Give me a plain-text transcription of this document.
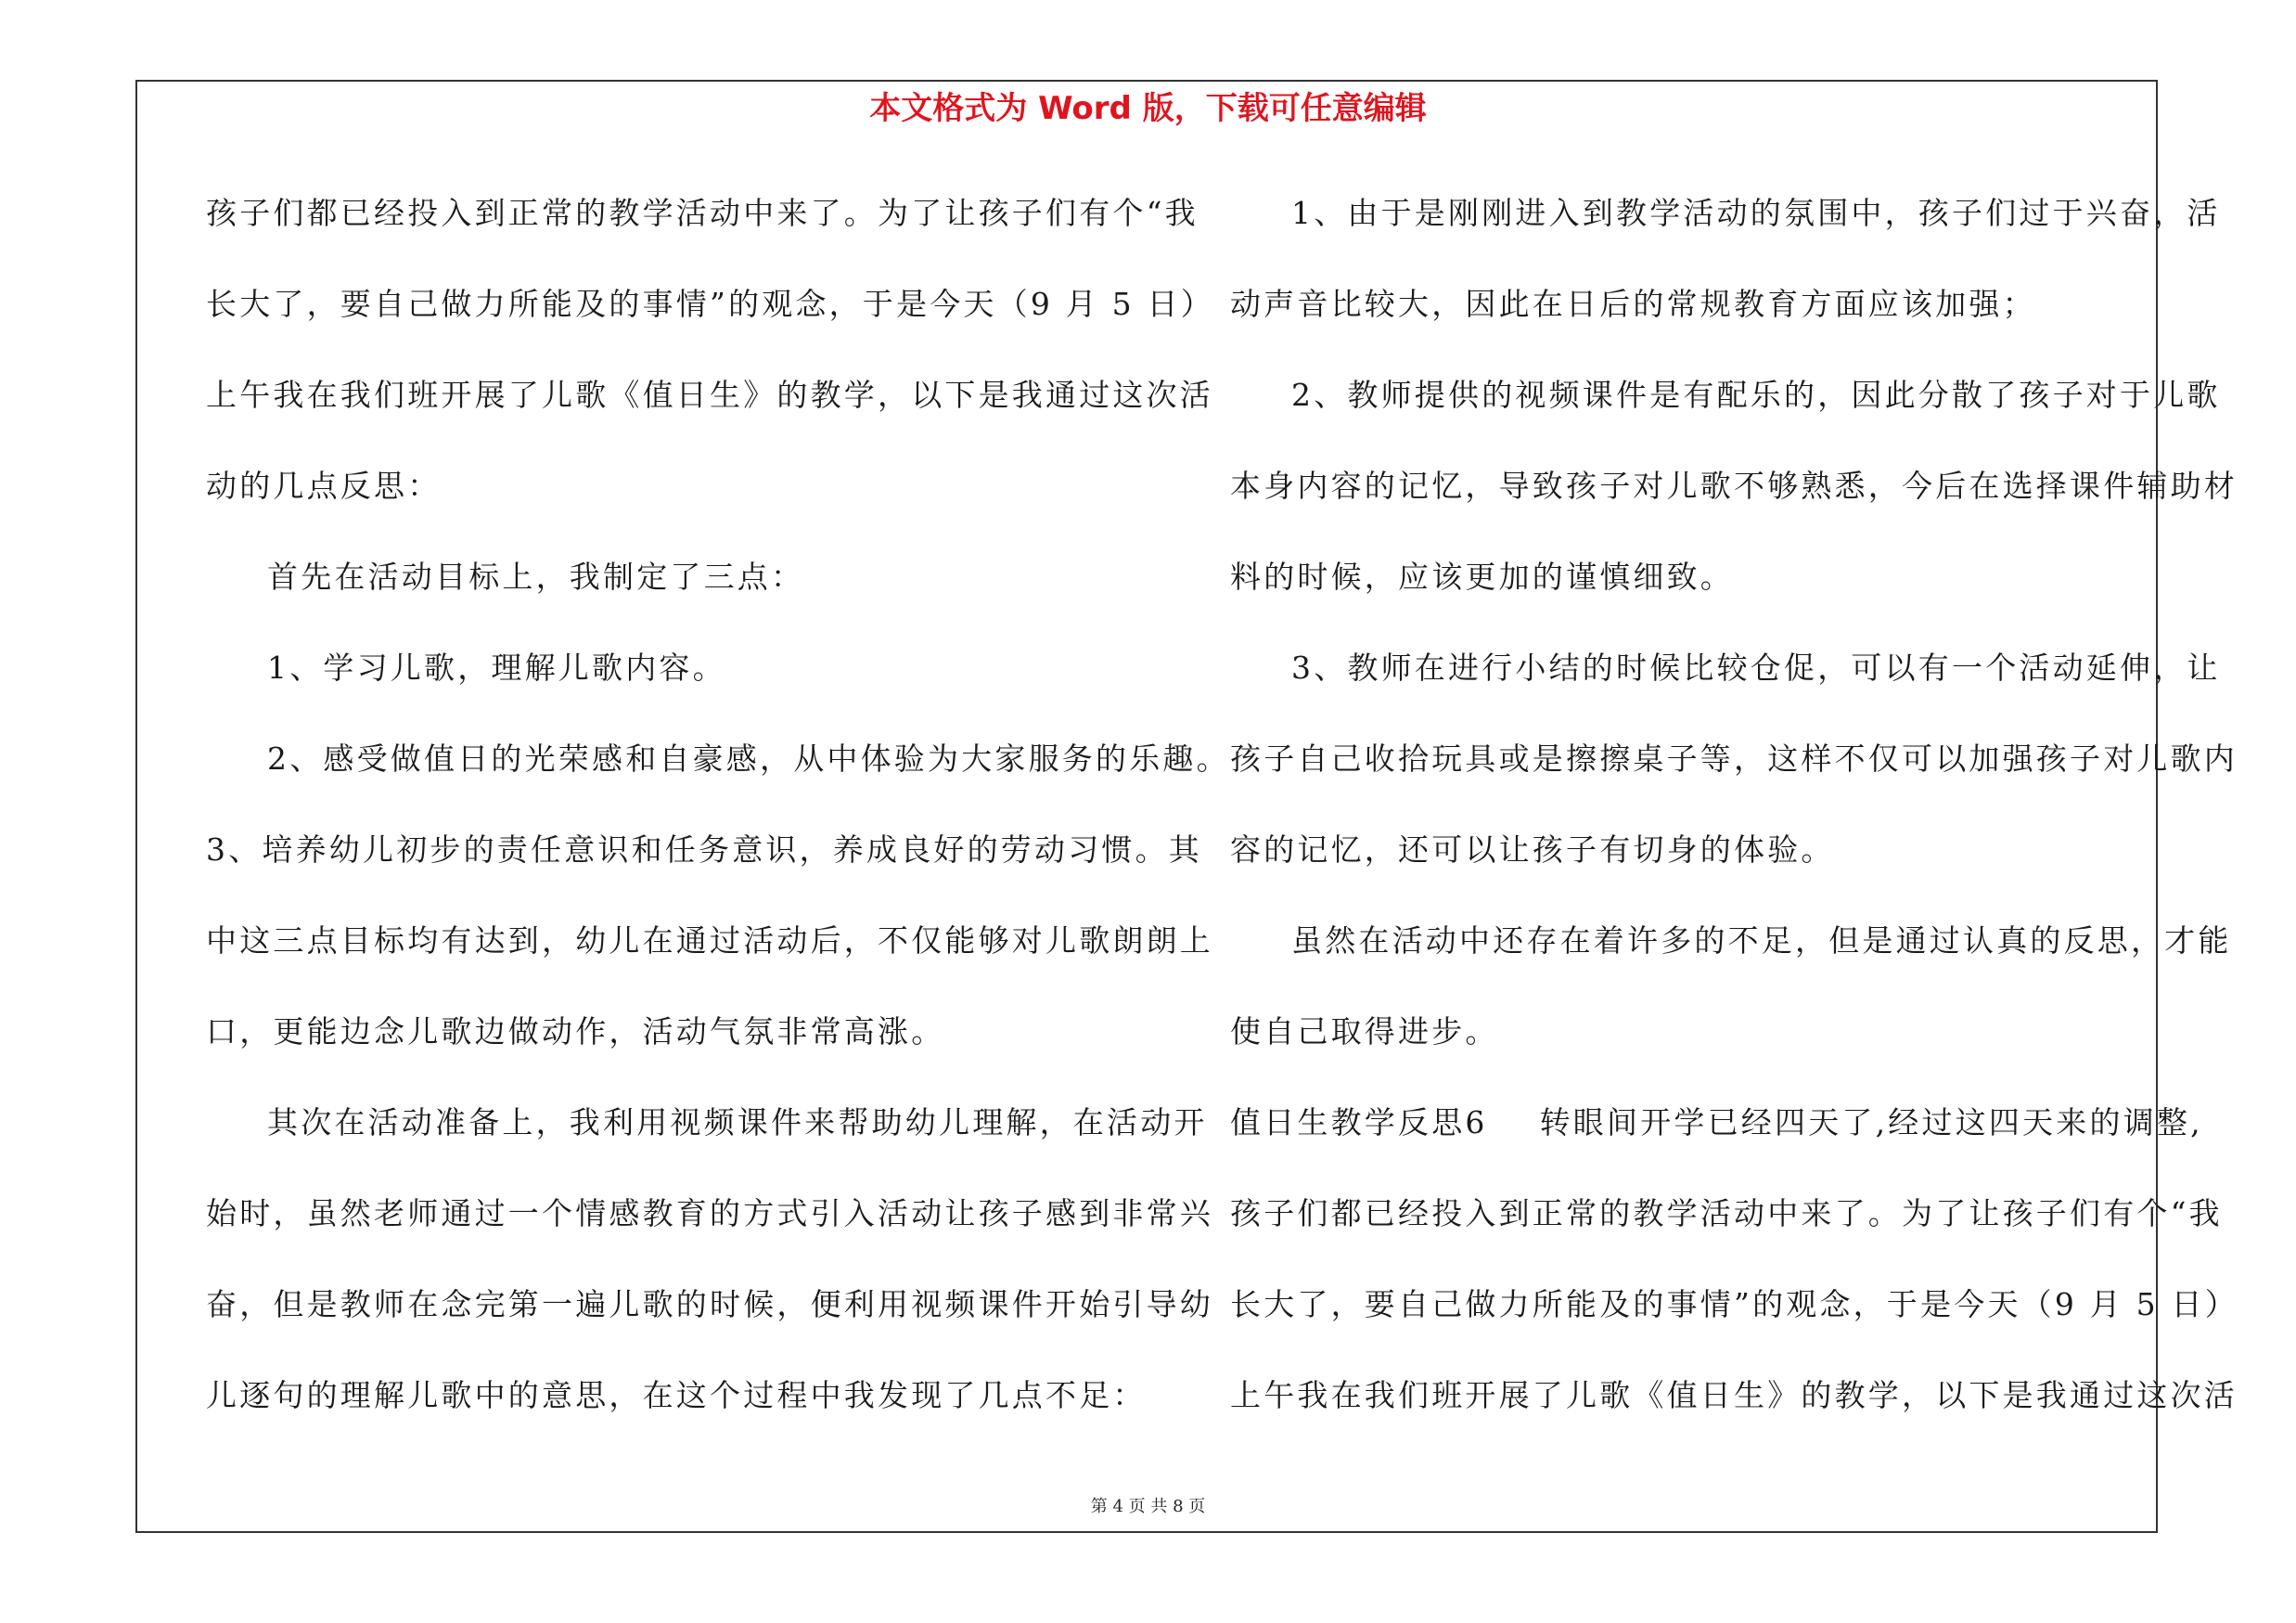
本文格式为 Word 版，下载可任意编辑
孩子们都已经投入到正常的教学活动中来了。为了让孩子们有个“我
长大了，要自己做力所能及的事情”的观念，于是今天（9 月 5 日）
上午我在我们班开展了儿歌《值日生》的教学，以下是我通过这次活
动的几点反思：
首先在活动目标上，我制定了三点：
1、学习儿歌，理解儿歌内容。
2、感受做值日的光荣感和自豪感，从中体验为大家服务的乐趣。
3、培养幼儿初步的责任意识和任务意识，养成良好的劳动习惯。其
中这三点目标均有达到，幼儿在通过活动后，不仅能够对儿歌朗朗上
口，更能边念儿歌边做动作，活动气氛非常高涨。
其次在活动准备上，我利用视频课件来帮助幼儿理解，在活动开
始时，虽然老师通过一个情感教育的方式引入活动让孩子感到非常兴
奋，但是教师在念完第一遍儿歌的时候，便利用视频课件开始引导幼
儿逐句的理解儿歌中的意思，在这个过程中我发现了几点不足：
1、由于是刚刚进入到教学活动的氛围中，孩子们过于兴奋，活
动声音比较大，因此在日后的常规教育方面应该加强；
2、教师提供的视频课件是有配乐的，因此分散了孩子对于儿歌
本身内容的记忆，导致孩子对儿歌不够熟悉，今后在选择课件辅助材
料的时候，应该更加的谨慎细致。
3、教师在进行小结的时候比较仓促，可以有一个活动延伸，让
孩子自己收拾玩具或是擦擦桌子等，这样不仅可以加强孩子对儿歌内
容的记忆，还可以让孩子有切身的体验。
虽然在活动中还存在着许多的不足，但是通过认真的反思，才能
使自己取得进步。
值日生教学反思6 转眼间开学已经四天了,经过这四天来的调整,
孩子们都已经投入到正常的教学活动中来了。为了让孩子们有个“我
长大了，要自己做力所能及的事情”的观念，于是今天（9 月 5 日）
上午我在我们班开展了儿歌《值日生》的教学，以下是我通过这次活
第 4 页 共 8 页
